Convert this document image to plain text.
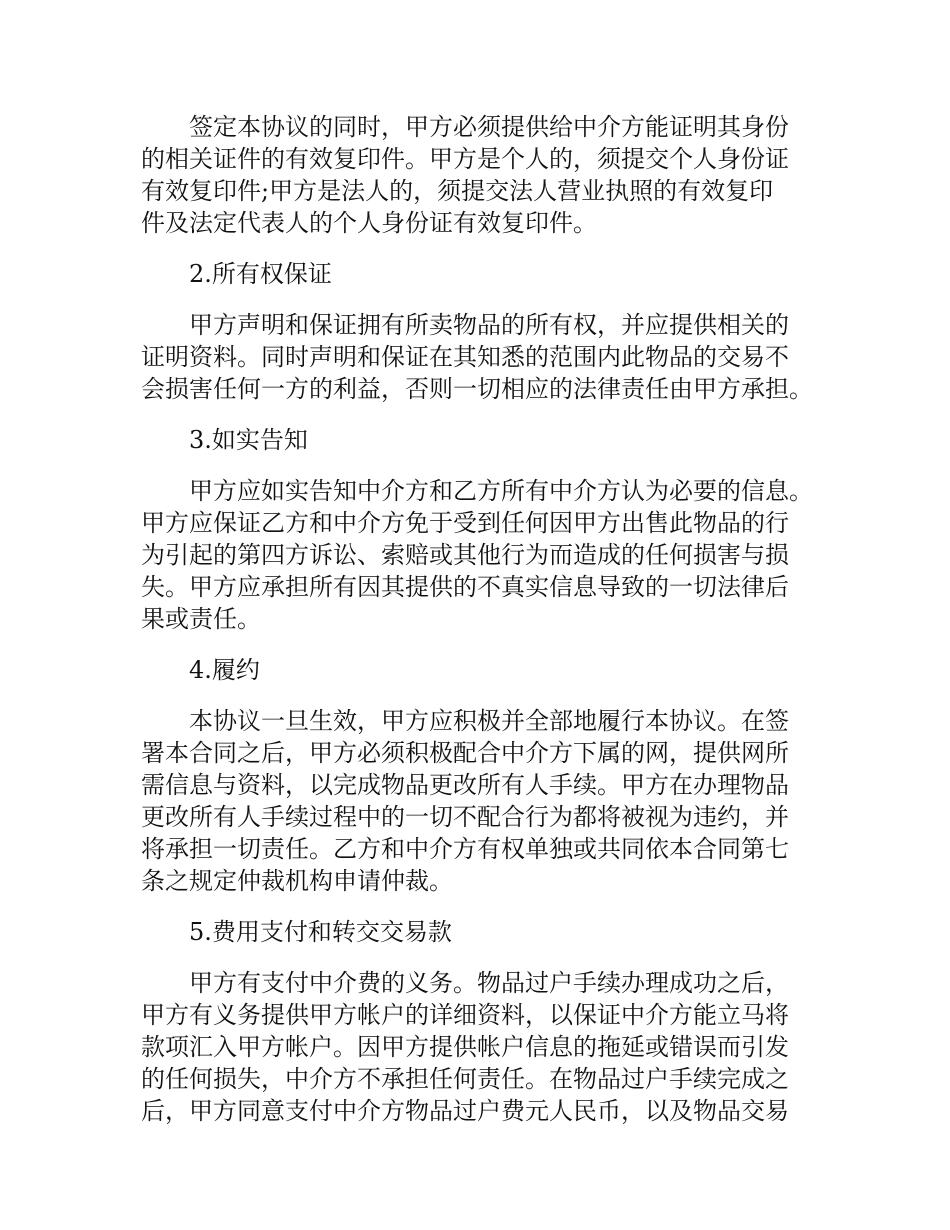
签定本协议的同时，甲方必须提供给中介方能证明其身份
的相关证件的有效复印件。甲方是个人的，须提交个人身份证
有效复印件;甲方是法人的，须提交法人营业执照的有效复印
件及法定代表人的个人身份证有效复印件。

2.所有权保证

甲方声明和保证拥有所卖物品的所有权，并应提供相关的
证明资料。同时声明和保证在其知悉的范围内此物品的交易不
会损害任何一方的利益，否则一切相应的法律责任由甲方承担。

3.如实告知

甲方应如实告知中介方和乙方所有中介方认为必要的信息。
甲方应保证乙方和中介方免于受到任何因甲方出售此物品的行
为引起的第四方诉讼、索赔或其他行为而造成的任何损害与损
失。甲方应承担所有因其提供的不真实信息导致的一切法律后
果或责任。

4.履约

本协议一旦生效，甲方应积极并全部地履行本协议。在签
署本合同之后，甲方必须积极配合中介方下属的网，提供网所
需信息与资料，以完成物品更改所有人手续。甲方在办理物品
更改所有人手续过程中的一切不配合行为都将被视为违约，并
将承担一切责任。乙方和中介方有权单独或共同依本合同第七
条之规定仲裁机构申请仲裁。

5.费用支付和转交交易款

甲方有支付中介费的义务。物品过户手续办理成功之后，
甲方有义务提供甲方帐户的详细资料，以保证中介方能立马将
款项汇入甲方帐户。因甲方提供帐户信息的拖延或错误而引发
的任何损失，中介方不承担任何责任。在物品过户手续完成之
后，甲方同意支付中介方物品过户费元人民币，以及物品交易
